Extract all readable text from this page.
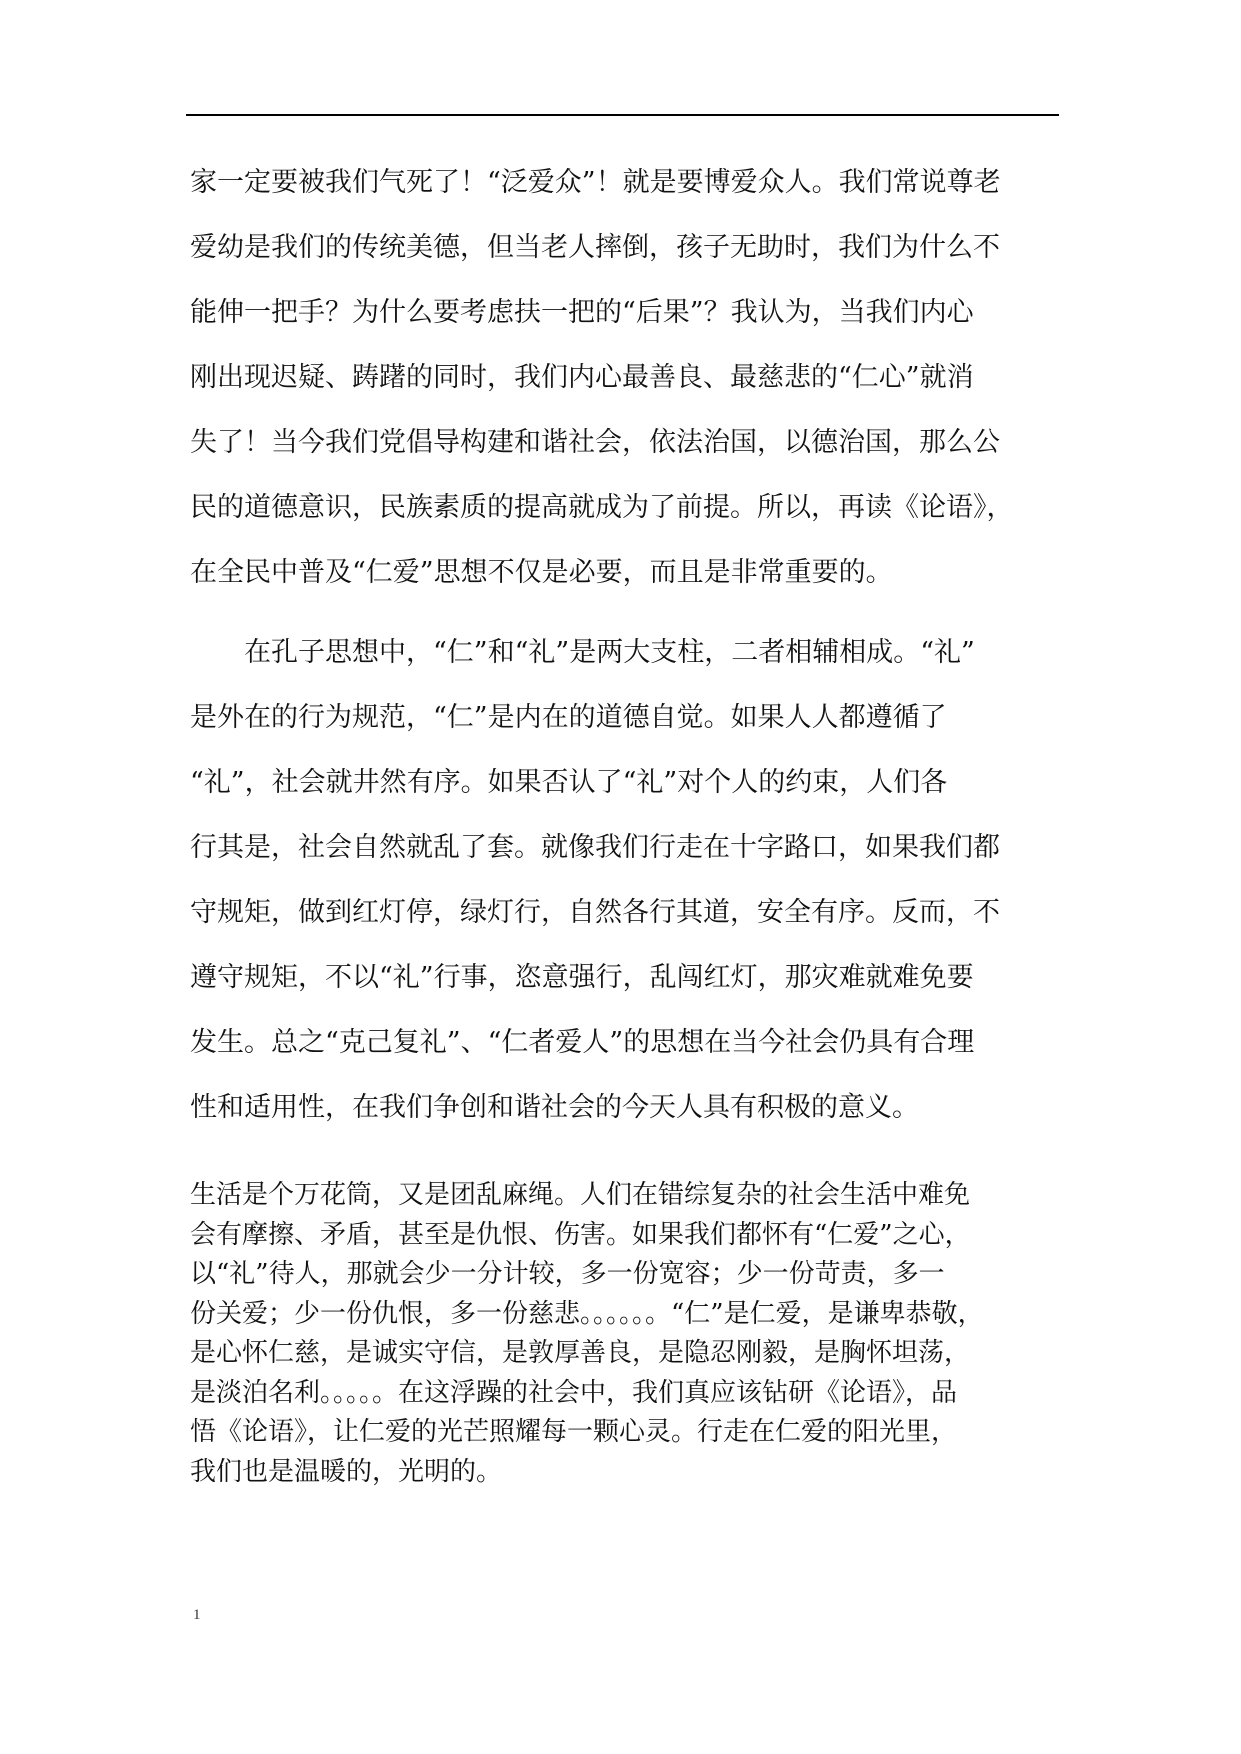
家一定要被我们气死了！“泛爱众”！就是要博爱众人。我们常说尊老
爱幼是我们的传统美德，但当老人摔倒，孩子无助时，我们为什么不
能伸一把手？为什么要考虑扶一把的“后果”？我认为，当我们内心
刚出现迟疑、踌躇的同时，我们内心最善良、最慈悲的“仁心”就消
失了！当今我们党倡导构建和谐社会，依法治国，以德治国，那么公
民的道德意识，民族素质的提高就成为了前提。所以，再读《论语》，
在全民中普及“仁爱”思想不仅是必要，而且是非常重要的。
　　在孔子思想中，“仁”和“礼”是两大支柱，二者相辅相成。“礼”
是外在的行为规范，“仁”是内在的道德自觉。如果人人都遵循了
“礼”，社会就井然有序。如果否认了“礼”对个人的约束，人们各
行其是，社会自然就乱了套。就像我们行走在十字路口，如果我们都
守规矩，做到红灯停，绿灯行，自然各行其道，安全有序。反而，不
遵守规矩，不以“礼”行事，恣意强行，乱闯红灯，那灾难就难免要
发生。总之“克己复礼”、“仁者爱人”的思想在当今社会仍具有合理
性和适用性，在我们争创和谐社会的今天人具有积极的意义。
生活是个万花筒，又是团乱麻绳。人们在错综复杂的社会生活中难免
会有摩擦、矛盾，甚至是仇恨、伤害。如果我们都怀有“仁爱”之心，
以“礼”待人，那就会少一分计较，多一份宽容；少一份苛责，多一
份关爱；少一份仇恨，多一份慈悲。。。。。。“仁”是仁爱，是谦卑恭敬，
是心怀仁慈，是诚实守信，是敦厚善良，是隐忍刚毅，是胸怀坦荡，
是淡泊名利。。。。。在这浮躁的社会中，我们真应该钻研《论语》，品
悟《论语》，让仁爱的光芒照耀每一颗心灵。行走在仁爱的阳光里，
我们也是温暖的，光明的。
1
